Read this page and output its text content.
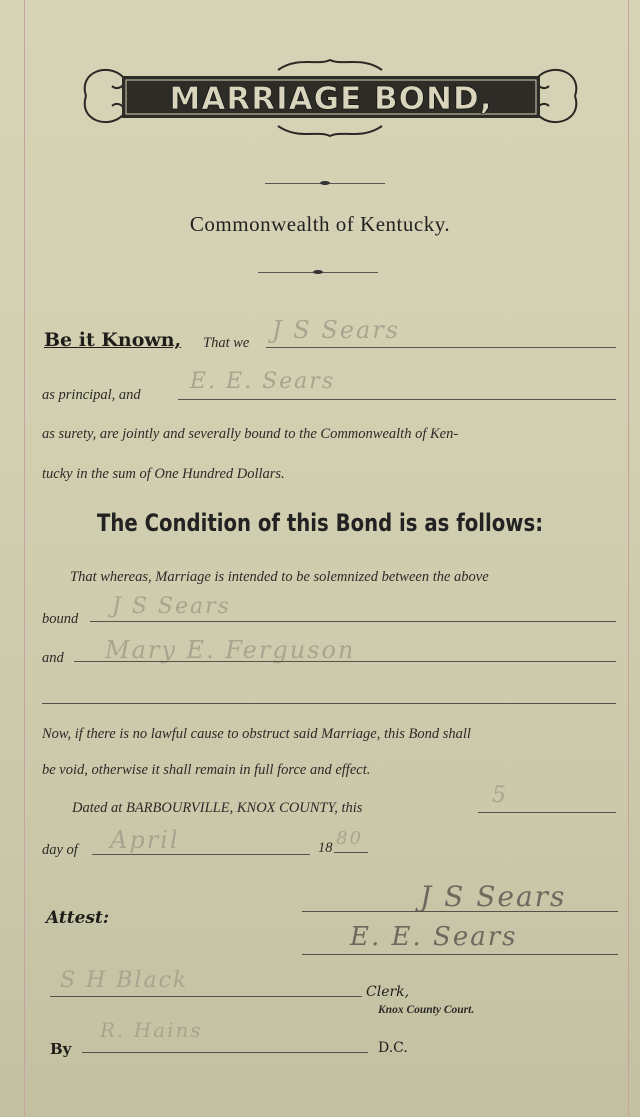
MARRIAGE BOND,
Commonwealth of Kentucky.
Be it Known, That we J S Sears
as principal, and
E. E. Sears
as surety, are jointly and severally bound to the Commonwealth of Ken-
tucky in the sum of One Hundred Dollars.
The Condition of this Bond is as follows:
That whereas, Marriage is intended to be solemnized between the above
bound J S Sears
and Mary E. Ferguson
Now, if there is no lawful cause to obstruct said Marriage, this Bond shall
be void, otherwise it shall remain in full force and effect.
Dated at BARBOURVILLE, KNOX COUNTY, this	5
day of April	18 80
Attest:
J S Sears
E. E. Sears
S H Black	Clerk,
Knox County Court.
By
R. Hains
D.C.
